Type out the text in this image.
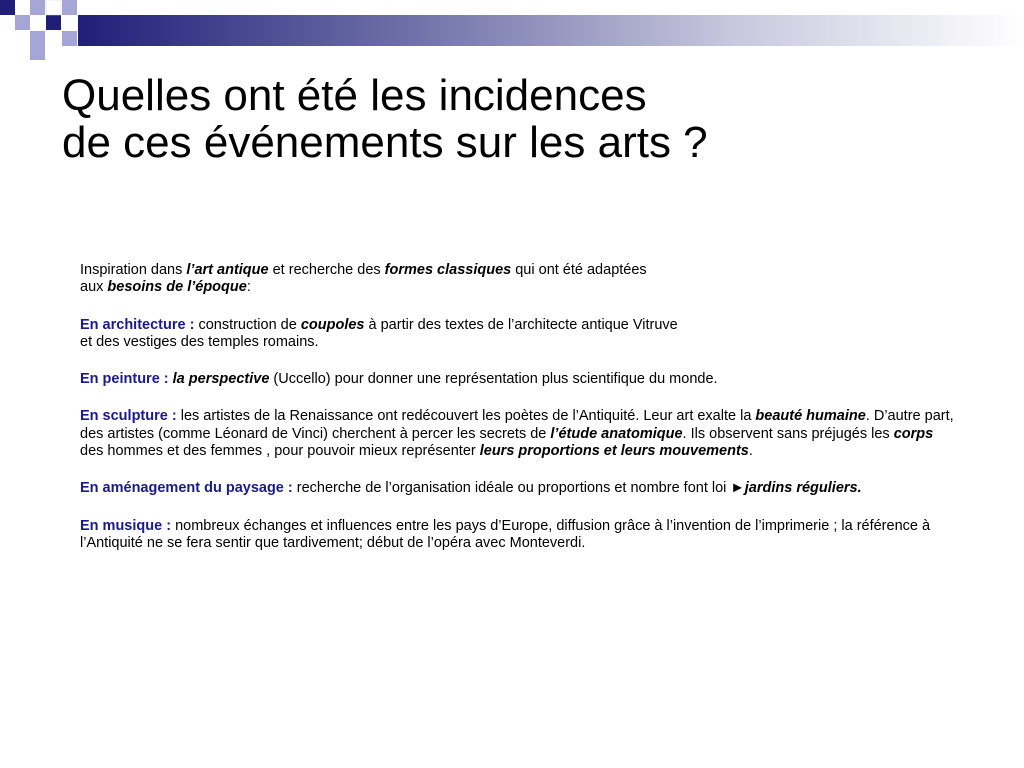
Quelles ont été les incidences
de ces événements sur les arts ?

Inspiration dans l’art antique et recherche des formes classiques qui ont été adaptées
aux besoins de l’époque:

En architecture : construction de coupoles à partir des textes de l’architecte antique Vitruve
et des vestiges des temples romains.

En peinture : la perspective (Uccello) pour donner une représentation plus scientifique du monde.

En sculpture : les artistes de la Renaissance ont redécouvert les poètes de l’Antiquité. Leur art exalte la beauté humaine. D’autre part, des artistes (comme Léonard de Vinci) cherchent à percer les secrets de l’étude anatomique. Ils observent sans préjugés les corps des hommes et des femmes , pour pouvoir mieux représenter leurs proportions et leurs mouvements.

En aménagement du paysage : recherche de l’organisation idéale ou proportions et nombre font loi ►jardins réguliers.

En musique : nombreux échanges et influences entre les pays d’Europe, diffusion grâce à l’invention de l’imprimerie ; la référence à l’Antiquité ne se fera sentir que tardivement; début de l’opéra avec Monteverdi.
